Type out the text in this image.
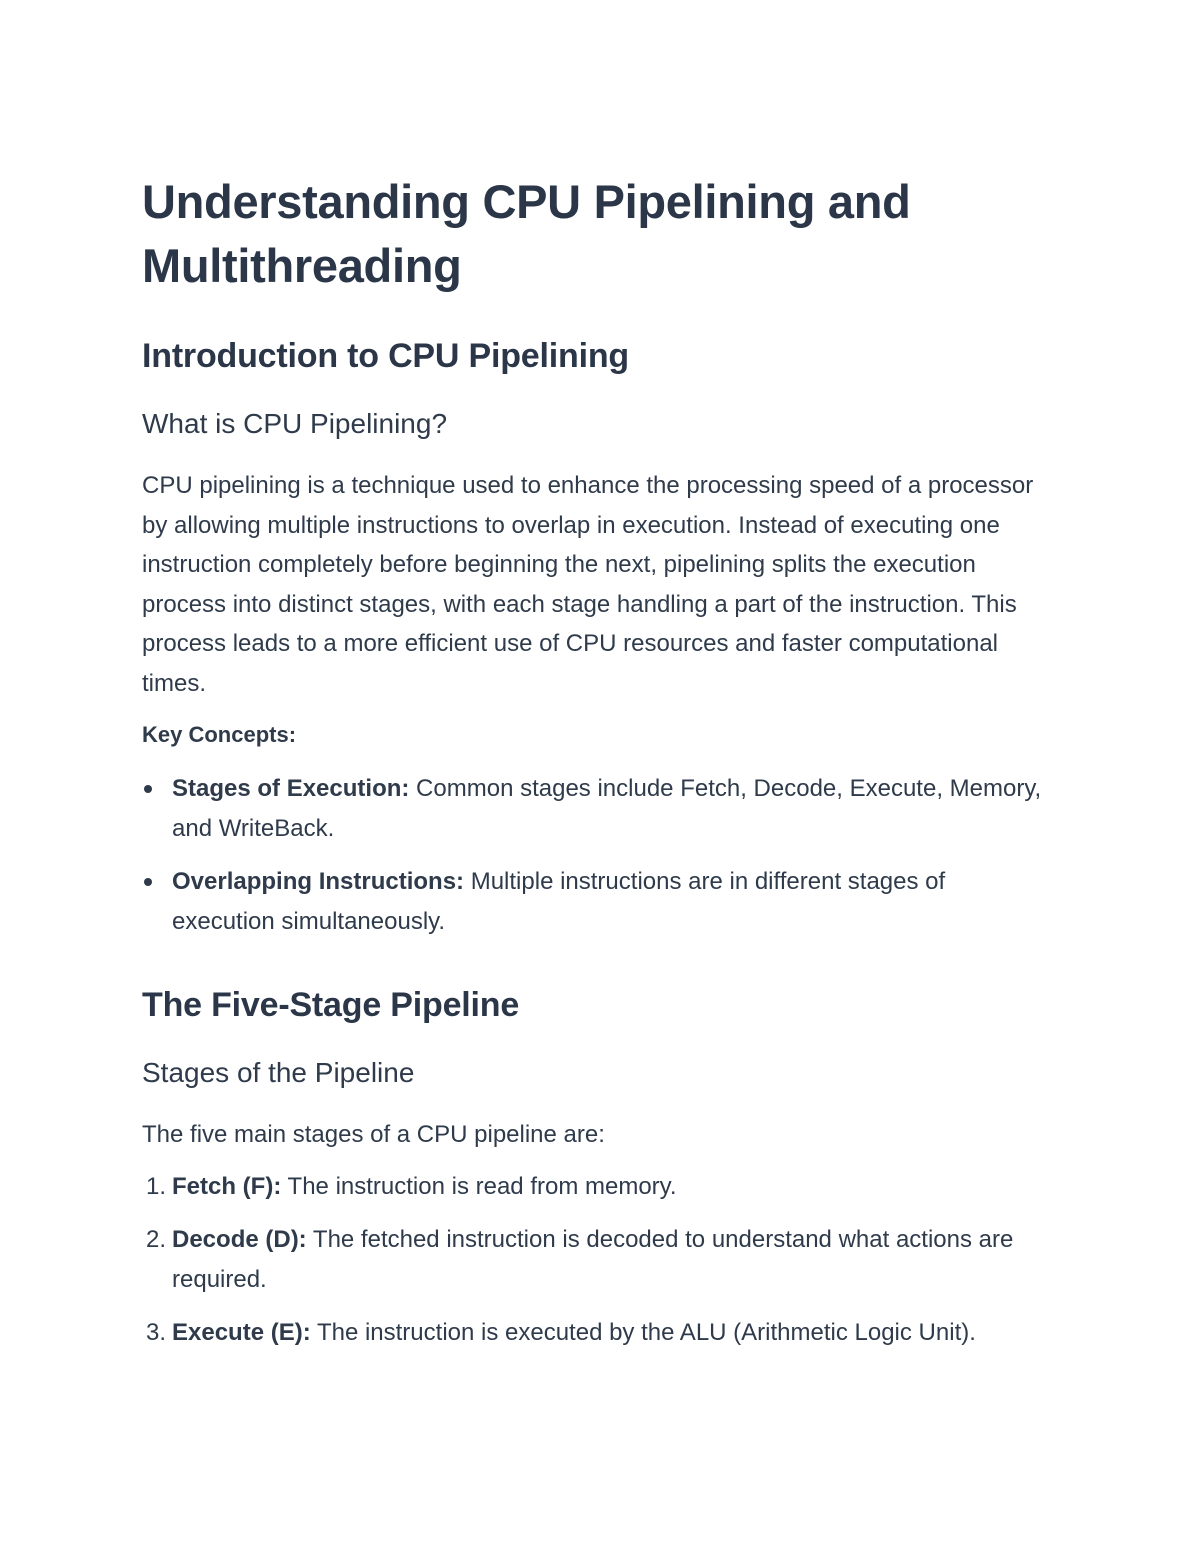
Understanding CPU Pipelining and Multithreading
Introduction to CPU Pipelining
What is CPU Pipelining?

CPU pipelining is a technique used to enhance the processing speed of a processor by allowing multiple instructions to overlap in execution. Instead of executing one instruction completely before beginning the next, pipelining splits the execution process into distinct stages, with each stage handling a part of the instruction. This process leads to a more efficient use of CPU resources and faster computational times.

Key Concepts:

Stages of Execution: Common stages include Fetch, Decode, Execute, Memory, and WriteBack.
Overlapping Instructions: Multiple instructions are in different stages of execution simultaneously.
The Five-Stage Pipeline
Stages of the Pipeline

The five main stages of a CPU pipeline are:

1. Fetch (F): The instruction is read from memory.
2. Decode (D): The fetched instruction is decoded to understand what actions are required.
3. Execute (E): The instruction is executed by the ALU (Arithmetic Logic Unit).
